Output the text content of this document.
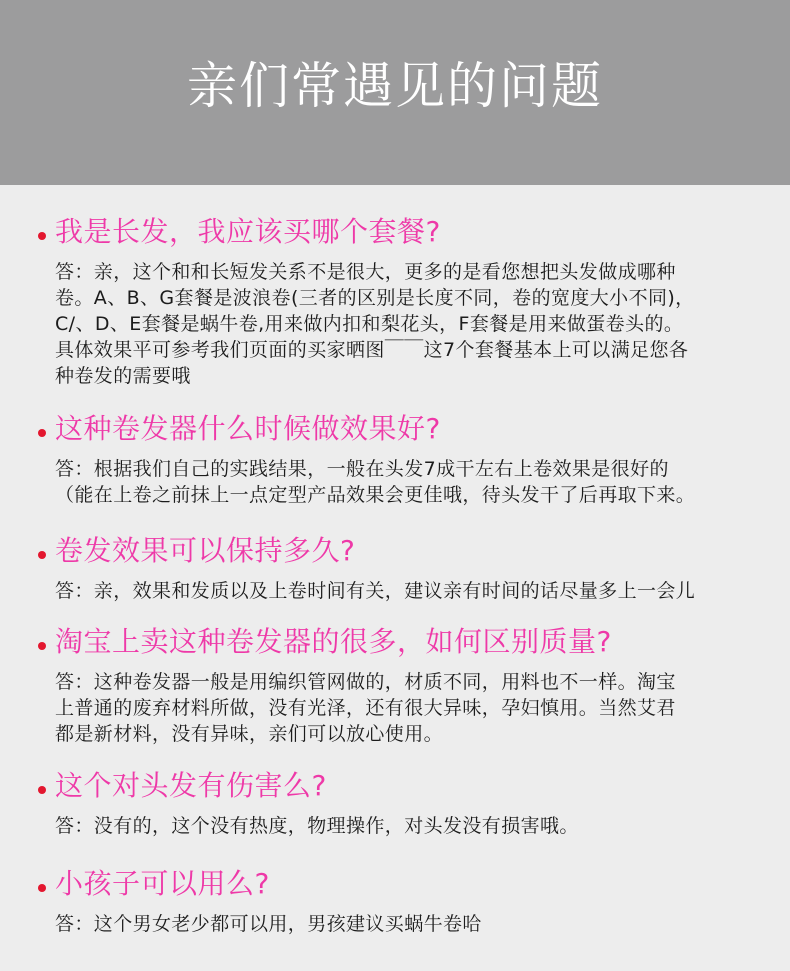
亲们常遇见的问题
我是长发，我应该买哪个套餐?
答：亲，这个和和长短发关系不是很大，更多的是看您想把头发做成哪种
卷。A、B、G套餐是波浪卷(三者的区别是长度不同，卷的宽度大小不同)，
C/、D、E套餐是蜗牛卷,用来做内扣和梨花头，F套餐是用来做蛋卷头的。
具体效果平可参考我们页面的买家晒图￣￣这7个套餐基本上可以满足您各
种卷发的需要哦
这种卷发器什么时候做效果好?
答：根据我们自己的实践结果，一般在头发7成干左右上卷效果是很好的
（能在上卷之前抹上一点定型产品效果会更佳哦，待头发干了后再取下来。
卷发效果可以保持多久?
答：亲，效果和发质以及上卷时间有关，建议亲有时间的话尽量多上一会儿
淘宝上卖这种卷发器的很多，如何区别质量?
答：这种卷发器一般是用编织管网做的，材质不同，用料也不一样。淘宝
上普通的废弃材料所做，没有光泽，还有很大异味，孕妇慎用。当然艾君
都是新材料，没有异味，亲们可以放心使用。
这个对头发有伤害么?
答：没有的，这个没有热度，物理操作，对头发没有损害哦。
小孩子可以用么?
答：这个男女老少都可以用，男孩建议买蜗牛卷哈
